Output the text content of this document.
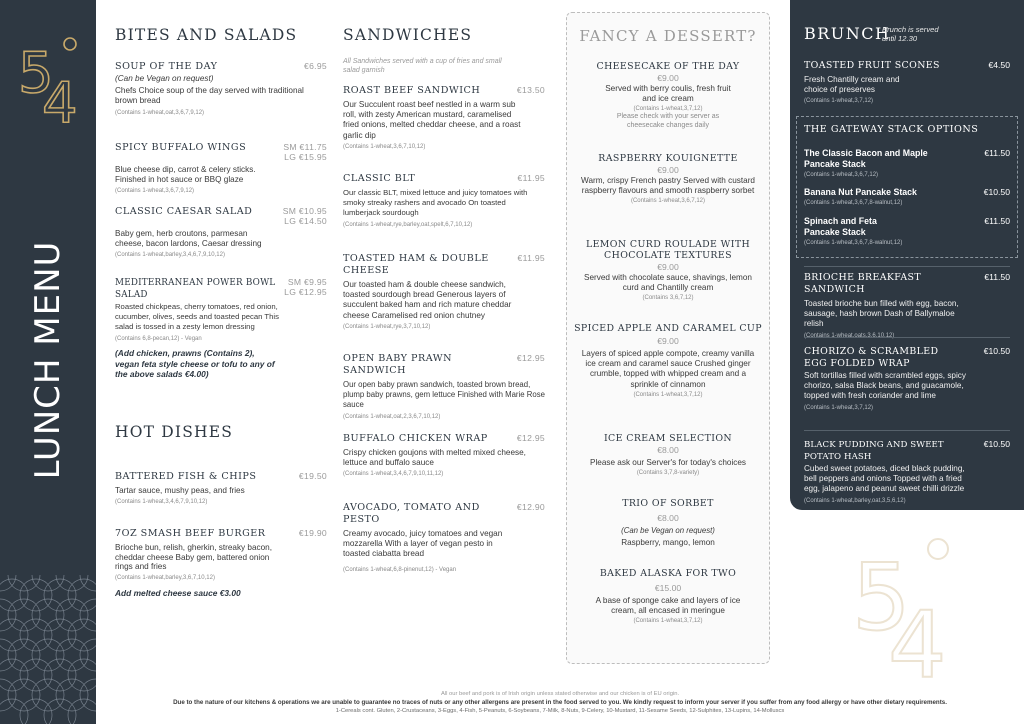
5
4
LUNCH MENU
BITES AND SALADS
SOUP OF THE DAY	€6.95
(Can be Vegan on request)
Chefs Choice soup of the day served with traditional brown bread
(Contains 1-wheat,oat,3,6,7,9,12)
SPICY BUFFALO WINGS	SM €11.75
LG €15.95
Blue cheese dip, carrot & celery sticks. Finished in hot sauce or BBQ glaze
(Contains 1-wheat,3,6,7,9,12)
CLASSIC CAESAR SALAD	SM €10.95
LG €14.50
Baby gem, herb croutons, parmesan cheese, bacon lardons, Caesar dressing
(Contains 1-wheat,barley,3,4,6,7,9,10,12)
MEDITERRANEAN POWER BOWL SALAD
SM €9.95
LG €12.95
Roasted chickpeas, cherry tomatoes, red onion, cucumber, olives, seeds and toasted pecan This salad is tossed in a zesty lemon dressing
(Contains 6,8-pecan,12) - Vegan
(Add chicken, prawns (Contains 2), vegan feta style cheese or tofu to any of the above salads €4.00)
HOT DISHES
BATTERED FISH & CHIPS	€19.50
Tartar sauce, mushy peas, and fries
(Contains 1-wheat,3,4,6,7,9,10,12)
7OZ SMASH BEEF BURGER	€19.90
Brioche bun, relish, gherkin, streaky bacon, cheddar cheese Baby gem, battered onion rings and fries
(Contains 1-wheat,barley,3,6,7,10,12)
Add melted cheese sauce €3.00
SANDWICHES
All Sandwiches served with a cup of fries and small salad garnish
ROAST BEEF SANDWICH	€13.50
Our Succulent roast beef nestled in a warm sub roll, with zesty American mustard, caramelised fried onions, melted cheddar cheese, and a roast garlic dip
(Contains 1-wheat,3,6,7,10,12)
CLASSIC BLT	€11.95
Our classic BLT, mixed lettuce and juicy tomatoes with smoky streaky rashers and avocado On toasted lumberjack sourdough
(Contains 1-wheat,rye,barley,oat,spelt,6,7,10,12)
TOASTED HAM & DOUBLE CHEESE
€11.95
Our toasted ham & double cheese sandwich, toasted sourdough bread Generous layers of succulent baked ham and rich mature cheddar cheese Caramelised red onion chutney
(Contains 1-wheat,rye,3,7,10,12)
OPEN BABY PRAWN SANDWICH
€12.95
Our open baby prawn sandwich, toasted brown bread, plump baby prawns, gem lettuce Finished with Marie Rose sauce
(Contains 1-wheat,oat,2,3,6,7,10,12)
BUFFALO CHICKEN WRAP	€12.95
Crispy chicken goujons with melted mixed cheese, lettuce and buffalo sauce
(Contains 1-wheat,3,4,6,7,9,10,11,12)
AVOCADO, TOMATO AND PESTO
€12.90
Creamy avocado, juicy tomatoes and vegan mozzarella With a layer of vegan pesto in toasted ciabatta bread
(Contains 1-wheat,6,8-pinenut,12) - Vegan
FANCY A DESSERT?
CHEESECAKE OF THE DAY
€9.00
Served with berry coulis, fresh fruit and ice cream
(Contains 1-wheat,3,7,12)
Please check with your server as cheesecake changes daily
RASPBERRY KOUIGNETTE
€9.00
Warm, crispy French pastry Served with custard raspberry flavours and smooth raspberry sorbet
(Contains 1-wheat,3,6,7,12)
LEMON CURD ROULADE WITH CHOCOLATE TEXTURES
€9.00
Served with chocolate sauce, shavings, lemon curd and Chantilly cream
(Contains 3,6,7,12)
SPICED APPLE AND CARAMEL CUP
€9.00
Layers of spiced apple compote, creamy vanilla ice cream and caramel sauce Crushed ginger crumble, topped with whipped cream and a sprinkle of cinnamon
(Contains 1-wheat,3,7,12)
ICE CREAM SELECTION
€8.00
Please ask our Server's for today's choices
(Contains 3,7,8-variety)
TRIO OF SORBET
€8.00
(Can be Vegan on request)
Raspberry, mango, lemon
BAKED ALASKA FOR TWO
€15.00
A base of sponge cake and layers of ice cream, all encased in meringue
(Contains 1-wheat,3,7,12)
BRUNCH
Brunch is served until 12.30
TOASTED FRUIT SCONES	€4.50
Fresh Chantilly cream and choice of preserves
(Contains 1-wheat,3,7,12)
BRIOCHE BREAKFAST SANDWICH
€11.50
Toasted brioche bun filled with egg, bacon, sausage, hash brown Dash of Ballymaloe relish
(Contains 1-wheat,oats,3,6,10,12)
CHORIZO & SCRAMBLED EGG FOLDED WRAP
€10.50
Soft tortillas filled with scrambled eggs, spicy chorizo, salsa Black beans, and guacamole, topped with fresh coriander and lime
(Contains 1-wheat,3,7,12)
BLACK PUDDING AND SWEET POTATO HASH
€10.50
Cubed sweet potatoes, diced black pudding, bell peppers and onions Topped with a fried egg, jalapeno and peanut sweet chilli drizzle
(Contains 1-wheat,barley,oat,3,5,6,12)
THE GATEWAY STACK OPTIONS
The Classic Bacon and Maple Pancake Stack
€11.50
(Contains 1-wheat,3,6,7,12)
Banana Nut Pancake Stack	€10.50
(Contains 1-wheat,3,6,7,8-walnut,12)
Spinach and Feta Pancake Stack
€11.50
(Contains 1-wheat,3,6,7,8-walnut,12)
5
4
All our beef and pork is of Irish origin unless stated otherwise and our chicken is of EU origin.
Due to the nature of our kitchens & operations we are unable to guarantee no traces of nuts or any other allergens are present in the food served to you. We kindly request to inform your server if you suffer from any food allergy or have other dietary requirements.
1-Cereals cont. Gluten, 2-Crustaceans, 3-Eggs, 4-Fish, 5-Peanuts, 6-Soybeans, 7-Milk, 8-Nuts, 9-Celery, 10-Mustard, 11-Sesame Seeds, 12-Sulphites, 13-Lupins, 14-Molluscs
